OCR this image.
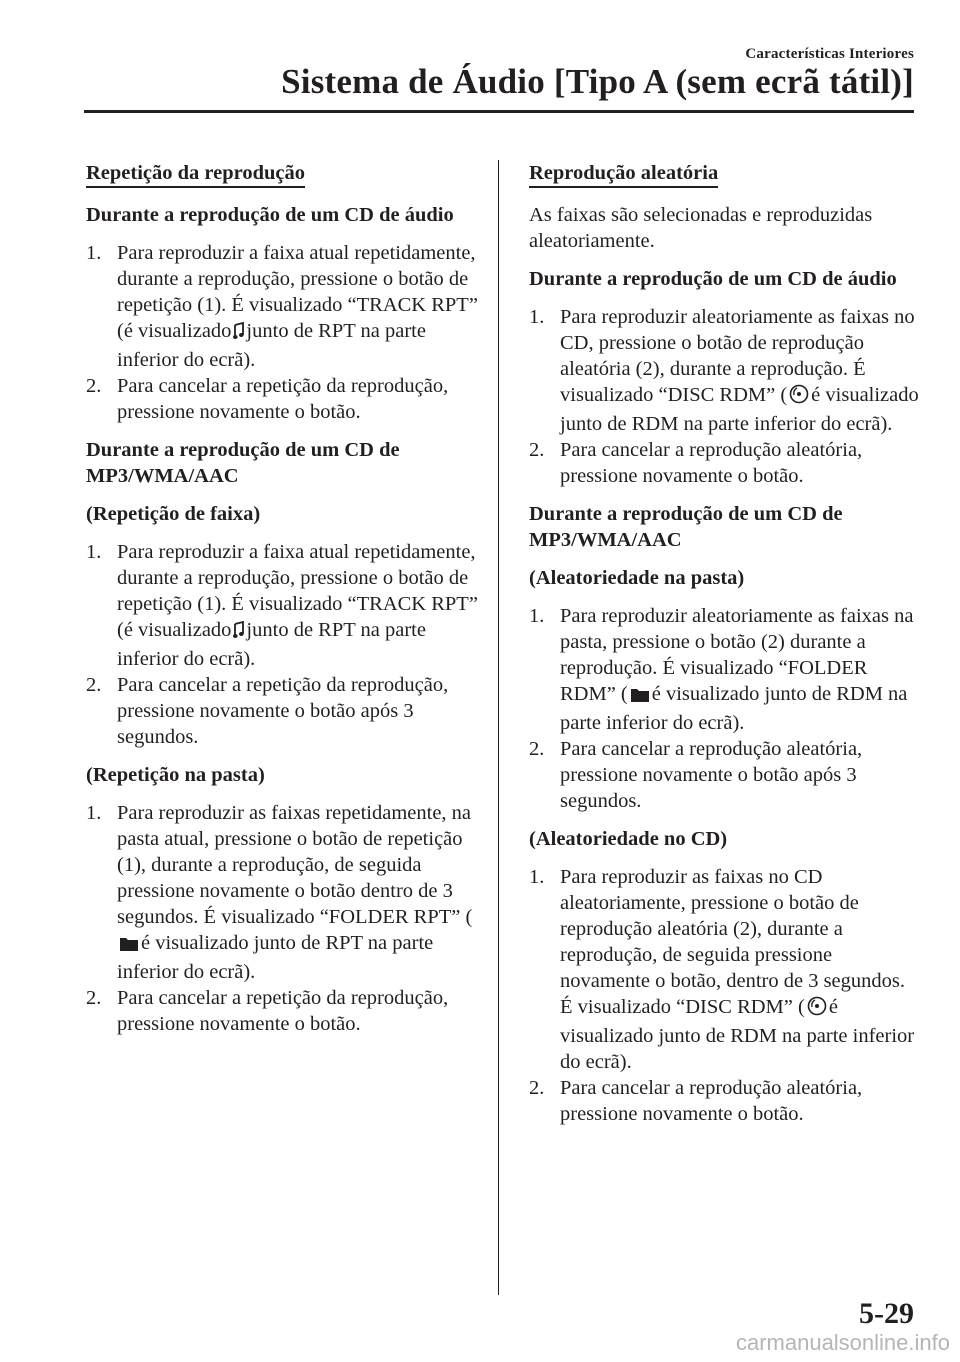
Características Interiores
Sistema de Áudio [Tipo A (sem ecrã tátil)]
Repetição da reprodução
Durante a reprodução de um CD de áudio
1. Para reproduzir a faixa atual repetidamente, durante a reprodução, pressione o botão de repetição (1). É visualizado “TRACK RPT” (é visualizado junto de RPT na parte inferior do ecrã).
2. Para cancelar a repetição da reprodução, pressione novamente o botão.
Durante a reprodução de um CD de MP3/WMA/AAC
(Repetição de faixa)
1. Para reproduzir a faixa atual repetidamente, durante a reprodução, pressione o botão de repetição (1). É visualizado “TRACK RPT” (é visualizado junto de RPT na parte inferior do ecrã).
2. Para cancelar a repetição da reprodução, pressione novamente o botão após 3 segundos.
(Repetição na pasta)
1. Para reproduzir as faixas repetidamente, na pasta atual, pressione o botão de repetição (1), durante a reprodução, de seguida pressione novamente o botão dentro de 3 segundos. É visualizado “FOLDER RPT” (é visualizado junto de RPT na parte inferior do ecrã).
2. Para cancelar a repetição da reprodução, pressione novamente o botão.
Reprodução aleatória
As faixas são selecionadas e reproduzidas aleatoriamente.
Durante a reprodução de um CD de áudio
1. Para reproduzir aleatoriamente as faixas no CD, pressione o botão de reprodução aleatória (2), durante a reprodução. É visualizado “DISC RDM” ( é visualizado junto de RDM na parte inferior do ecrã).
2. Para cancelar a reprodução aleatória, pressione novamente o botão.
Durante a reprodução de um CD de MP3/WMA/AAC
(Aleatoriedade na pasta)
1. Para reproduzir aleatoriamente as faixas na pasta, pressione o botão (2) durante a reprodução. É visualizado “FOLDER RDM” ( é visualizado junto de RDM na parte inferior do ecrã).
2. Para cancelar a reprodução aleatória, pressione novamente o botão após 3 segundos.
(Aleatoriedade no CD)
1. Para reproduzir as faixas no CD aleatoriamente, pressione o botão de reprodução aleatória (2), durante a reprodução, de seguida pressione novamente o botão, dentro de 3 segundos. É visualizado “DISC RDM” ( é visualizado junto de RDM na parte inferior do ecrã).
2. Para cancelar a reprodução aleatória, pressione novamente o botão.
5-29
carmanualsonline.info
